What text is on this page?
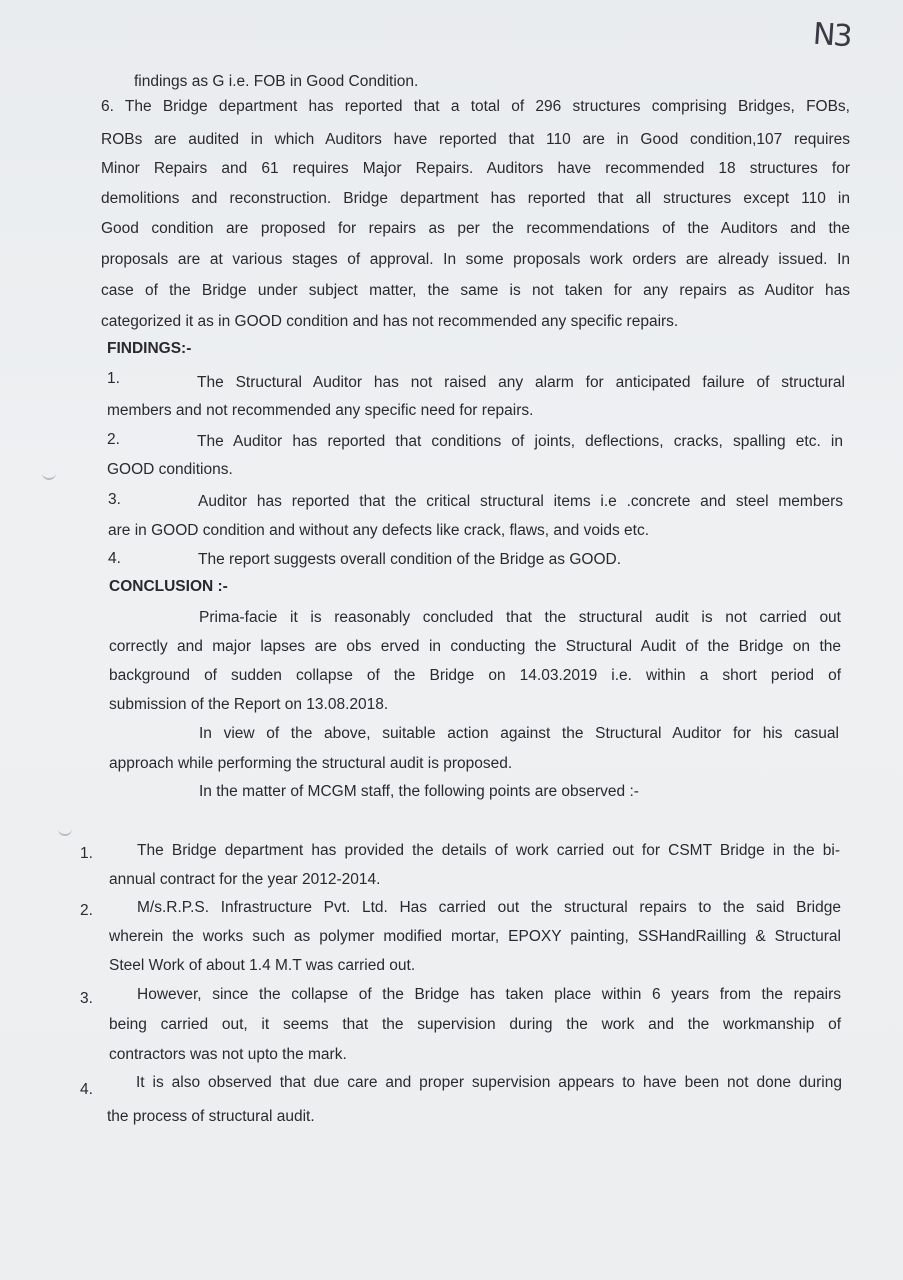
N3
findings as G i.e. FOB in Good Condition.
6. The Bridge department has reported that a total of 296 structures comprising Bridges, FOBs,
ROBs are audited in which Auditors have reported that 110 are in Good condition,107 requires
Minor Repairs and 61 requires Major Repairs. Auditors have recommended 18 structures for
demolitions and reconstruction. Bridge department has reported that all structures except 110 in
Good condition are proposed for repairs as per the recommendations of the Auditors and the
proposals are at various stages of approval. In some proposals work orders are already issued. In
case of the Bridge under subject matter, the same is not taken for any repairs as Auditor has
categorized it as in GOOD condition and has not recommended any specific repairs.
FINDINGS:-
1.	The Structural Auditor has not raised any alarm for anticipated failure of structural
members and not recommended any specific need for repairs.
2.	The Auditor has reported that conditions of joints, deflections, cracks, spalling etc. in
GOOD conditions.
3.	Auditor has reported that the critical structural items i.e .concrete and steel members
are in GOOD condition and without any defects like crack, flaws, and voids etc.
4.	The report suggests overall condition of the Bridge as GOOD.
CONCLUSION :-
Prima-facie it is reasonably concluded that the structural audit is not carried out
correctly and major lapses are obs erved in conducting the Structural Audit of the Bridge on the
background of sudden collapse of the Bridge on 14.03.2019 i.e. within a short period of
submission of the Report on 13.08.2018.
In view of the above, suitable action against the Structural Auditor for his casual
approach while performing the structural audit is proposed.
In the matter of MCGM staff, the following points are observed :-
1.	The Bridge department has provided the details of work carried out for CSMT Bridge in the bi-
annual contract for the year 2012-2014.
2.	M/s.R.P.S. Infrastructure Pvt. Ltd. Has carried out the structural repairs to the said Bridge
wherein the works such as polymer modified mortar, EPOXY painting, SSHandRailling & Structural
Steel Work of about 1.4 M.T was carried out.
3.	However, since the collapse of the Bridge has taken place within 6 years from the repairs
being carried out, it seems that the supervision during the work and the workmanship of
contractors was not upto the mark.
4.	It is also observed that due care and proper supervision appears to have been not done during
the process of structural audit.
